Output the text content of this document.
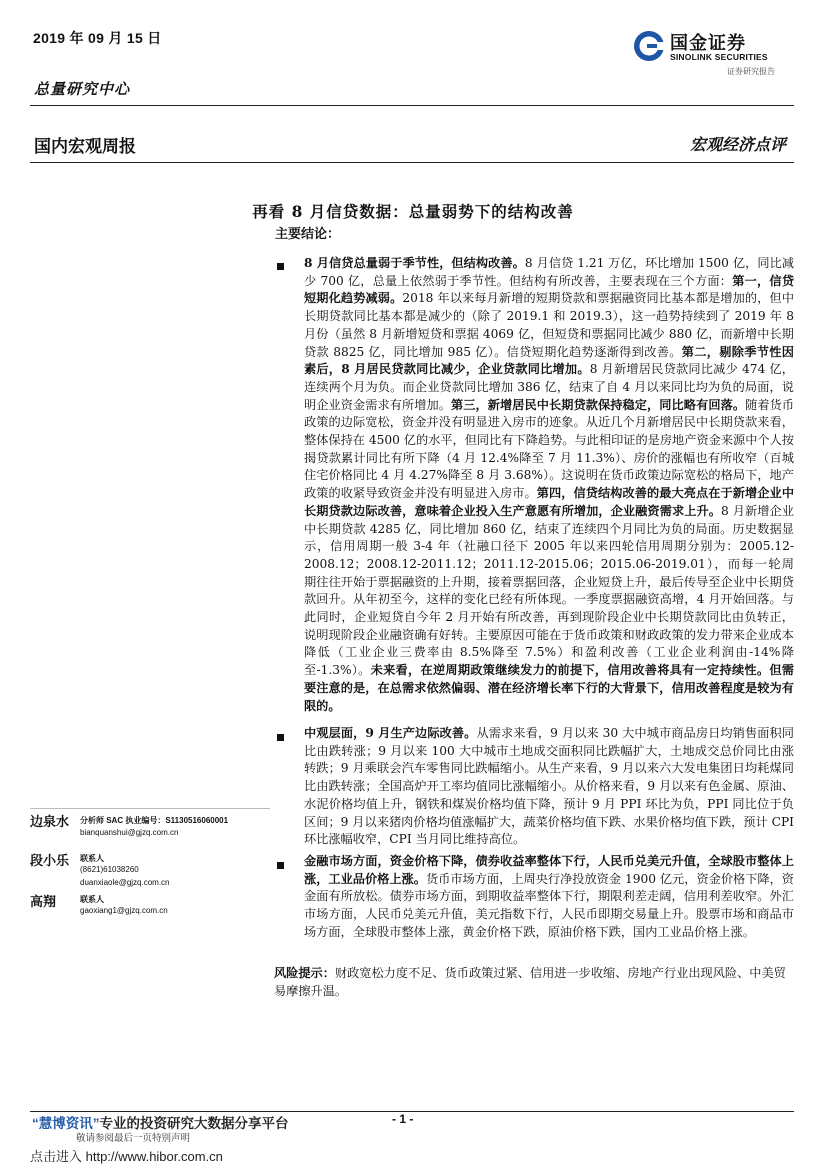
2019 年 09 月 15 日	国金证券
SINOLINK SECURITIES
证券研究报告
总量研究中心
国内宏观周报	宏观经济点评
再看 8 月信贷数据：总量弱势下的结构改善
主要结论：
8 月信贷总量弱于季节性，但结构改善。8 月信贷 1.21 万亿，环比增加 1500 亿，同比减少 700 亿，总量上依然弱于季节性。但结构有所改善，主要表现在三个方面：第一，信贷短期化趋势减弱。2018 年以来每月新增的短期贷款和票据融资同比基本都是增加的，但中长期贷款同比基本都是减少的（除了 2019.1 和 2019.3），这一趋势持续到了 2019 年 8 月份（虽然 8 月新增短贷和票据 4069 亿，但短贷和票据同比减少 880 亿，而新增中长期贷款 8825 亿，同比增加 985 亿）。信贷短期化趋势逐渐得到改善。第二，剔除季节性因素后，8 月居民贷款同比减少，企业贷款同比增加。8 月新增居民贷款同比减少 474 亿，连续两个月为负。而企业贷款同比增加 386 亿，结束了自 4 月以来同比均为负的局面，说明企业资金需求有所增加。第三，新增居民中长期贷款保持稳定，同比略有回落。随着货币政策的边际宽松，资金并没有明显进入房市的迹象。从近几个月新增居民中长期贷款来看，整体保持在 4500 亿的水平，但同比有下降趋势。与此相印证的是房地产资金来源中个人按揭贷款累计同比有所下降（4 月 12.4%降至 7 月 11.3%）、房价的涨幅也有所收窄（百城住宅价格同比 4 月 4.27%降至 8 月 3.68%）。这说明在货币政策边际宽松的格局下，地产政策的收紧导致资金并没有明显进入房市。第四，信贷结构改善的最大亮点在于新增企业中长期贷款边际改善，意味着企业投入生产意愿有所增加，企业融资需求上升。8 月新增企业中长期贷款 4285 亿，同比增加 860 亿，结束了连续四个月同比为负的局面。历史数据显示，信用周期一般 3-4 年（社融口径下 2005 年以来四轮信用周期分别为：2005.12-2008.12；2008.12-2011.12；2011.12-2015.06；2015.06-2019.01），而每一轮周期往往开始于票据融资的上升期，接着票据回落，企业短贷上升，最后传导至企业中长期贷款回升。从年初至今，这样的变化已经有所体现。一季度票据融资高增，4 月开始回落。与此同时，企业短贷自今年 2 月开始有所改善，再到现阶段企业中长期贷款同比由负转正，说明现阶段企业融资确有好转。主要原因可能在于货币政策和财政政策的发力带来企业成本降低（工业企业三费率由 8.5%降至 7.5%）和盈利改善（工业企业利润由-14%降至-1.3%）。未来看，在逆周期政策继续发力的前提下，信用改善将具有一定持续性。但需要注意的是，在总需求依然偏弱、潜在经济增长率下行的大背景下，信用改善程度是较为有限的。
中观层面，9 月生产边际改善。从需求来看，9 月以来 30 大中城市商品房日均销售面积同比由跌转涨；9 月以来 100 大中城市土地成交面积同比跌幅扩大，土地成交总价同比由涨转跌；9 月乘联会汽车零售同比跌幅缩小。从生产来看，9 月以来六大发电集团日均耗煤同比由跌转涨；全国高炉开工率均值同比涨幅缩小。从价格来看，9 月以来有色金属、原油、水泥价格均值上升，钢铁和煤炭价格均值下降，预计 9 月 PPI 环比为负，PPI 同比位于负区间；9 月以来猪肉价格均值涨幅扩大，蔬菜价格均值下跌、水果价格均值下跌，预计 CPI 环比涨幅收窄，CPI 当月同比维持高位。
金融市场方面，资金价格下降，债券收益率整体下行，人民币兑美元升值，全球股市整体上涨，工业品价格上涨。货币市场方面，上周央行净投放资金 1900 亿元，资金价格下降，资金面有所放松。债券市场方面，到期收益率整体下行，期限利差走阔，信用利差收窄。外汇市场方面，人民币兑美元升值，美元指数下行，人民币即期交易量上升。股票市场和商品市场方面，全球股市整体上涨，黄金价格下跌，原油价格下跌，国内工业品价格上涨。
风险提示：财政宽松力度不足、货币政策过紧、信用进一步收缩、房地产行业出现风险、中美贸易摩擦升温。
边泉水 分析师 SAC 执业编号：S1130516060001
bianquanshui@gjzq.com.cn
段小乐 联系人
(8621)61038260
duanxiaole@gjzq.com.cn
高翔	联系人
gaoxiang1@gjzq.com.cn
“慧博资讯”专业的投资研究大数据分享平台	- 1 -
敬请参阅最后一页特别声明
点击进入 http://www.hibor.com.cn
